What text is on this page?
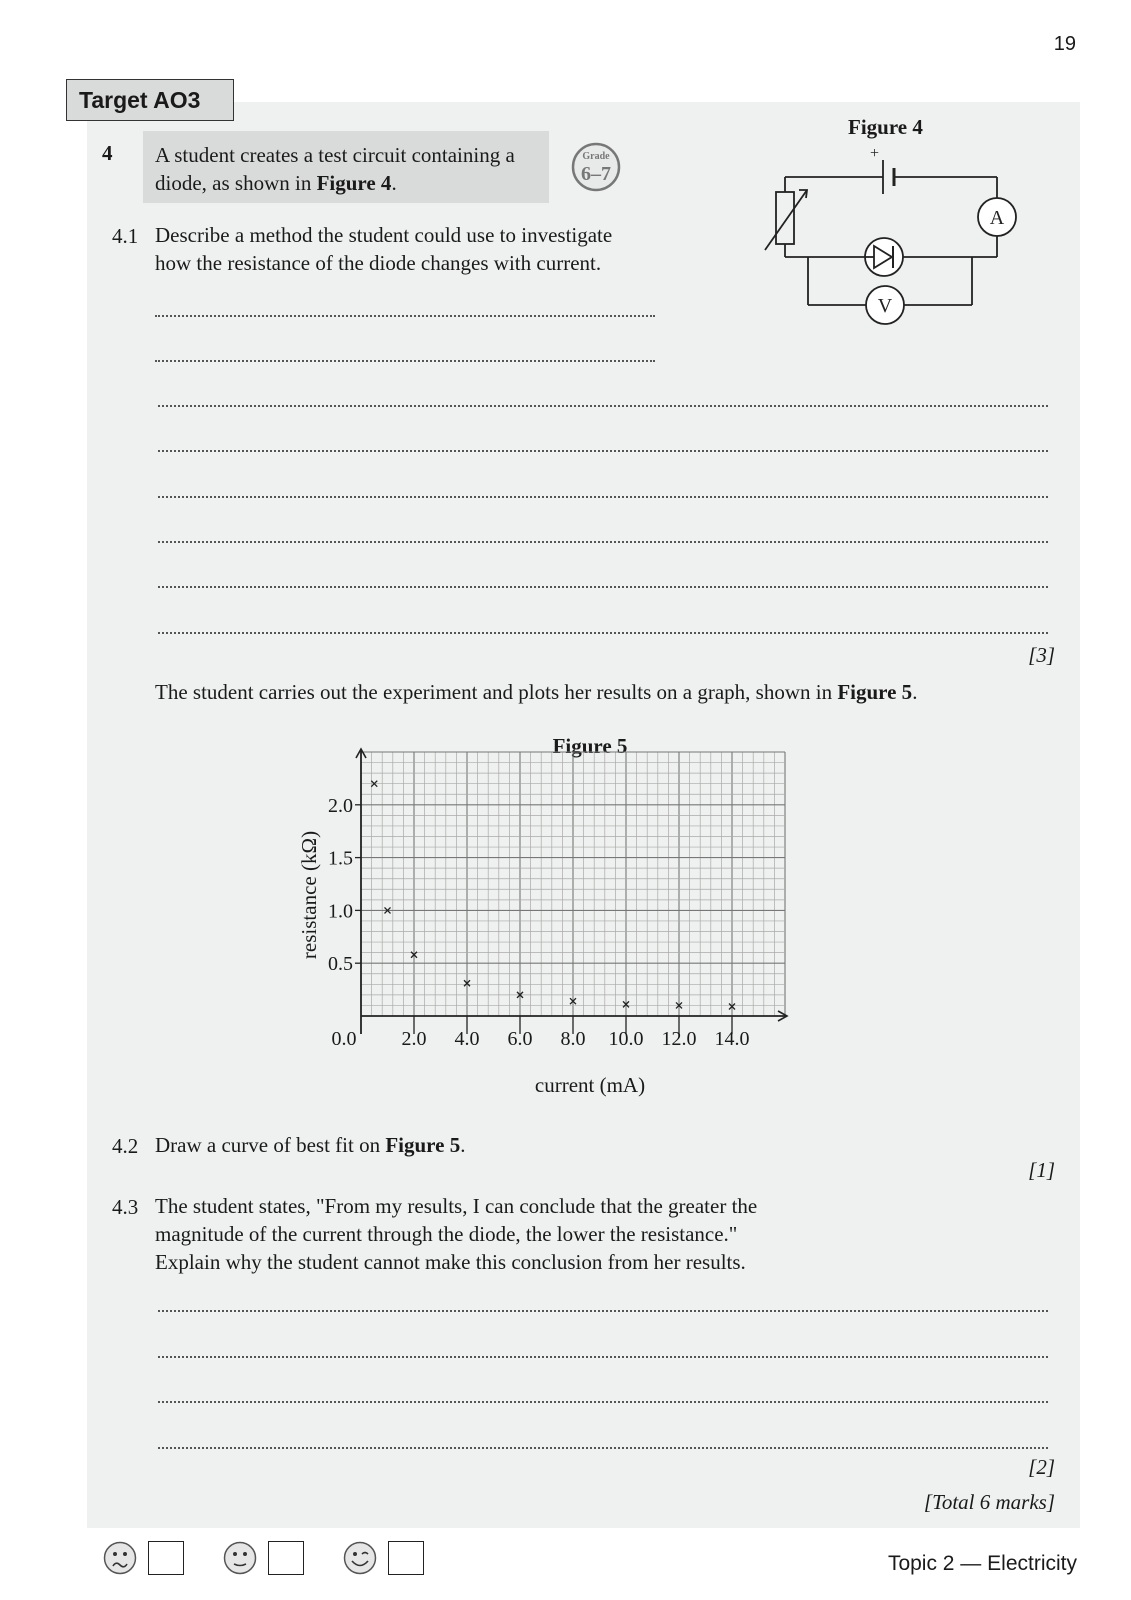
19
Target AO3
4 A student creates a test circuit containing a diode, as shown in Figure 4.
Grade
6–7
Figure 4
+
A
V
4.1 Describe a method the student could use to investigate
how the resistance of the diode changes with current.
[3]
The student carries out the experiment and plots her results on a graph, shown in Figure 5.
Figure 5
0.0 2.0 4.0 6.0 8.0 10.0 12.0 14.0
0.5
1.0
1.5
2.0
current (mA)
resistance (kΩ)
4.2 Draw a curve of best fit on Figure 5.
[1]
4.3 The student states, "From my results, I can conclude that the greater the
magnitude of the current through the diode, the lower the resistance."
Explain why the student cannot make this conclusion from her results.
[2]
[Total 6 marks]
Topic 2 — Electricity
